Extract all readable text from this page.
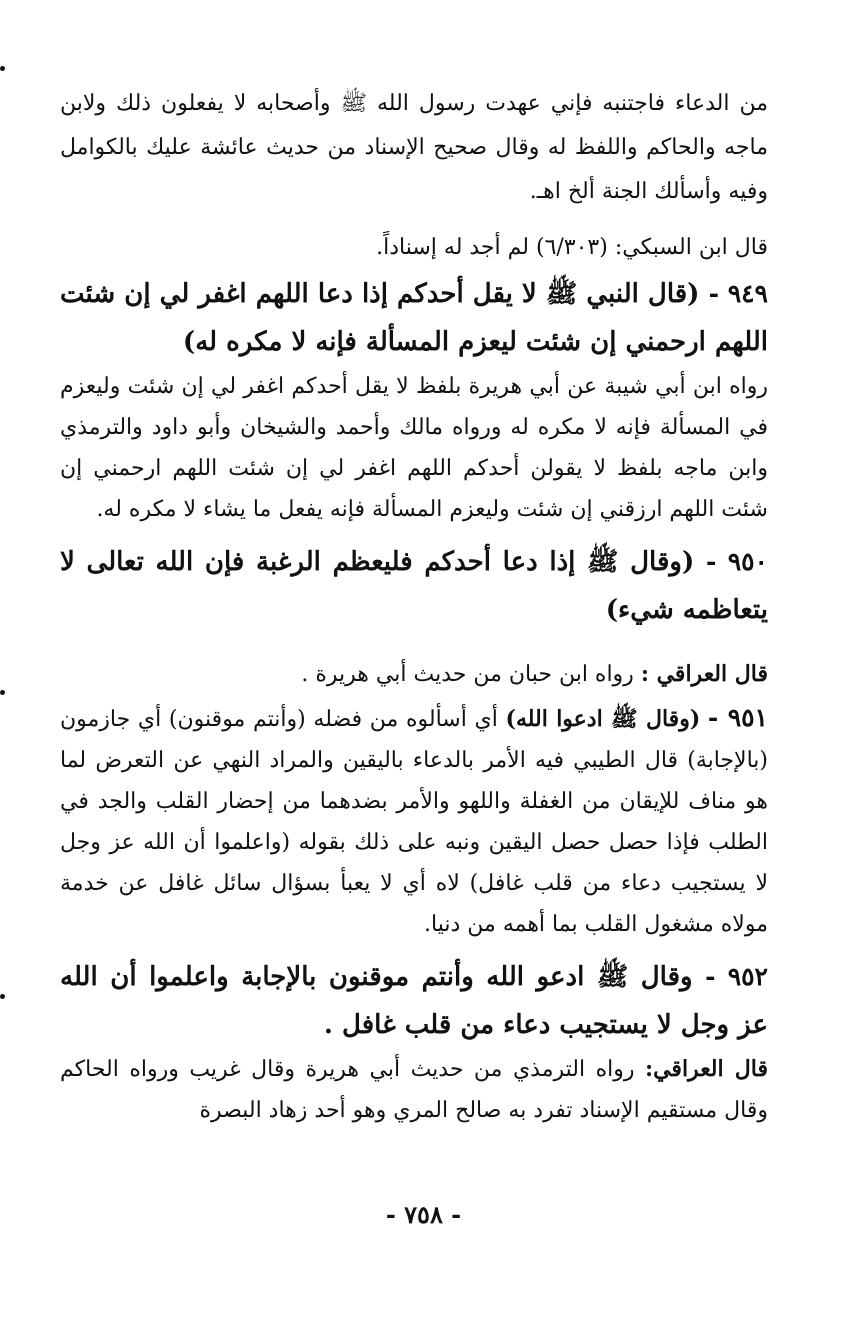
من الدعاء فاجتنبه فإني عهدت رسول الله ﷺ وأصحابه لا يفعلون ذلك ولابن ماجه والحاكم واللفظ له وقال صحيح الإسناد من حديث عائشة عليك بالكوامل وفيه وأسألك الجنة ألخ اهـ.

قال ابن السبكي: (٦/٣٠٣) لم أجد له إسناداً.

٩٤٩ - (قال النبي ﷺ لا يقل أحدكم إذا دعا اللهم اغفر لي إن شئت اللهم ارحمني إن شئت ليعزم المسألة فإنه لا مكره له)

رواه ابن أبي شيبة عن أبي هريرة بلفظ لا يقل أحدكم اغفر لي إن شئت وليعزم في المسألة فإنه لا مكره له ورواه مالك وأحمد والشيخان وأبو داود والترمذي وابن ماجه بلفظ لا يقولن أحدكم اللهم اغفر لي إن شئت اللهم ارحمني إن شئت اللهم ارزقني إن شئت وليعزم المسألة فإنه يفعل ما يشاء لا مكره له.

٩٥٠ - (وقال ﷺ إذا دعا أحدكم فليعظم الرغبة فإن الله تعالى لا يتعاظمه شيء)

قال العراقي : رواه ابن حبان من حديث أبي هريرة .

٩٥١ - (وقال ﷺ ادعوا الله) أي أسألوه من فضله (وأنتم موقنون) أي جازمون (بالإجابة) قال الطيبي فيه الأمر بالدعاء باليقين والمراد النهي عن التعرض لما هو مناف للإيقان من الغفلة واللهو والأمر بضدهما من إحضار القلب والجد في الطلب فإذا حصل حصل اليقين ونبه على ذلك بقوله (واعلموا أن الله عز وجل لا يستجيب دعاء من قلب غافل) لاه أي لا يعبأ بسؤال سائل غافل عن خدمة مولاه مشغول القلب بما أهمه من دنيا.

٩٥٢ - وقال ﷺ ادعو الله وأنتم موقنون بالإجابة واعلموا أن الله عز وجل لا يستجيب دعاء من قلب غافل .

قال العراقي: رواه الترمذي من حديث أبي هريرة وقال غريب ورواه الحاكم وقال مستقيم الإسناد تفرد به صالح المري وهو أحد زهاد البصرة

- ٧٥٨ -
